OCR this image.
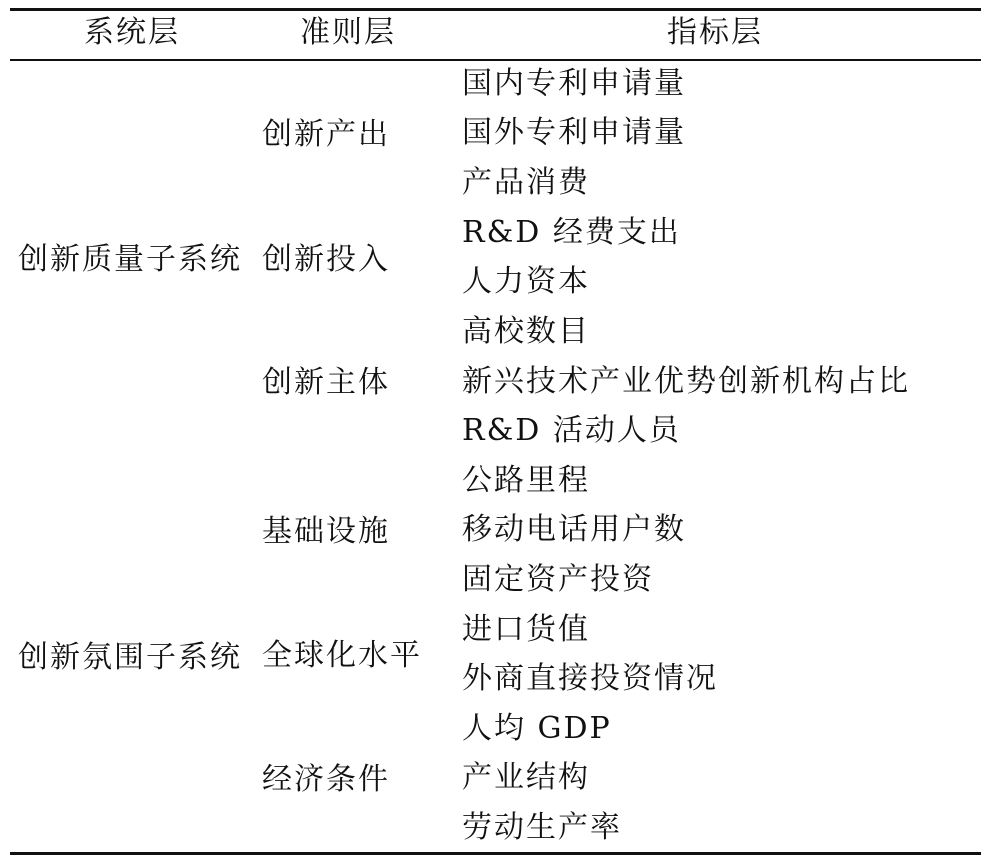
系统层	准则层	指标层
创新质量子系统
创新产出
国内专利申请量
国外专利申请量
产品消费
创新投入
R&D 经费支出
人力资本
高校数目
创新主体 新兴技术产业优势创新机构占比
R&D 活动人员
创新氛围子系统
基础设施
公路里程
移动电话用户数
固定资产投资
全球化水平
进口货值
外商直接投资情况
经济条件
人均 GDP
产业结构
劳动生产率
